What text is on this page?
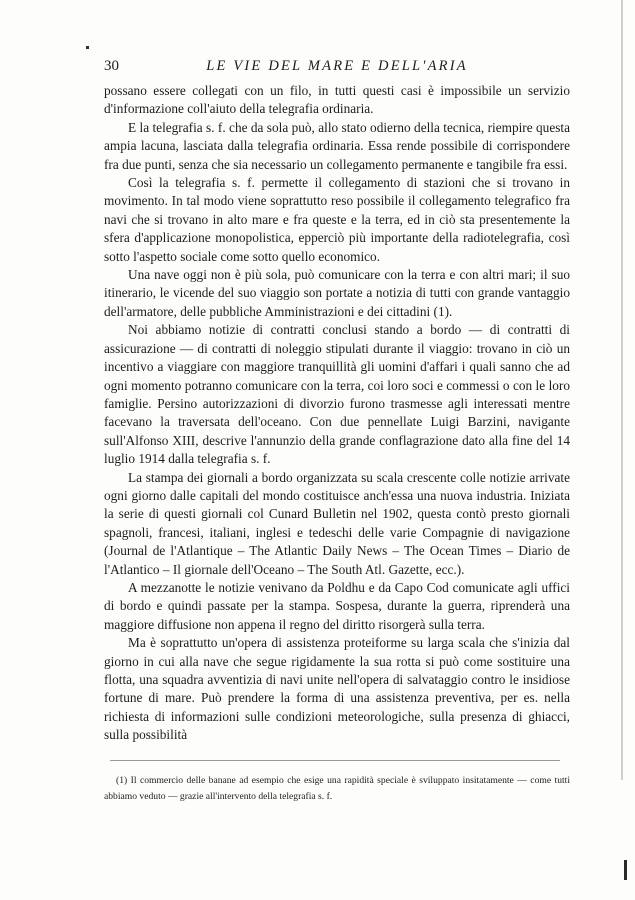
30	LE VIE DEL MARE E DELL'ARIA

possano essere collegati con un filo, in tutti questi casi è impossibile un servizio d'informazione coll'aiuto della telegrafia ordinaria.

E la telegrafia s. f. che da sola può, allo stato odierno della tecnica, riempire questa ampia lacuna, lasciata dalla telegrafia ordinaria. Essa rende possibile di corrispondere fra due punti, senza che sia necessario un collegamento permanente e tangibile fra essi.

Così la telegrafia s. f. permette il collegamento di stazioni che si trovano in movimento. In tal modo viene soprattutto reso possibile il collegamento telegrafico fra navi che si trovano in alto mare e fra queste e la terra, ed in ciò sta presentemente la sfera d'applicazione monopolistica, epperciò più importante della radiotelegrafia, così sotto l'aspetto sociale come sotto quello economico.

Una nave oggi non è più sola, può comunicare con la terra e con altri mari; il suo itinerario, le vicende del suo viaggio son portate a notizia di tutti con grande vantaggio dell'armatore, delle pubbliche Amministrazioni e dei cittadini (1).

Noi abbiamo notizie di contratti conclusi stando a bordo — di contratti di assicurazione — di contratti di noleggio stipulati durante il viaggio: trovano in ciò un incentivo a viaggiare con maggiore tranquillità gli uomini d'affari i quali sanno che ad ogni momento potranno comunicare con la terra, coi loro soci e commessi o con le loro famiglie. Persino autorizzazioni di divorzio furono trasmesse agli interessati mentre facevano la traversata dell'oceano. Con due pennellate Luigi Barzini, navigante sull'Alfonso XIII, descrive l'annunzio della grande conflagrazione dato alla fine del 14 luglio 1914 dalla telegrafia s. f.

La stampa dei giornali a bordo organizzata su scala crescente colle notizie arrivate ogni giorno dalle capitali del mondo costituisce anch'essa una nuova industria. Iniziata la serie di questi giornali col Cunard Bulletin nel 1902, questa contò presto giornali spagnoli, francesi, italiani, inglesi e tedeschi delle varie Compagnie di navigazione (Journal de l'Atlantique – The Atlantic Daily News – The Ocean Times – Diario de l'Atlantico – Il giornale dell'Oceano – The South Atl. Gazette, ecc.).

A mezzanotte le notizie venivano da Poldhu e da Capo Cod comunicate agli uffici di bordo e quindi passate per la stampa. Sospesa, durante la guerra, riprenderà una maggiore diffusione non appena il regno del diritto risorgerà sulla terra.

Ma è soprattutto un'opera di assistenza proteiforme su larga scala che s'inizia dal giorno in cui alla nave che segue rigidamente la sua rotta si può come sostituire una flotta, una squadra avventizia di navi unite nell'opera di salvataggio contro le insidiose fortune di mare. Può prendere la forma di una assistenza preventiva, per es. nella richiesta di informazioni sulle condizioni meteorologiche, sulla presenza di ghiacci, sulla possibilità

(1) Il commercio delle banane ad esempio che esige una rapidità speciale è sviluppato insitatamente — come tutti abbiamo veduto — grazie all'intervento della telegrafia s. f.
